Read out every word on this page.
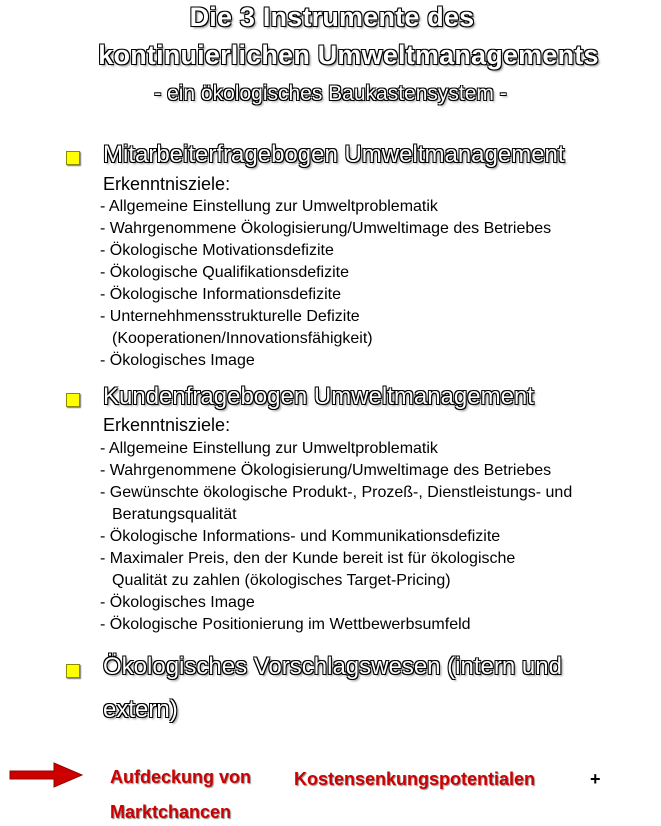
Die 3 Instrumente des
kontinuierlichen Umweltmanagements
- ein ökologisches Baukastensystem -
Mitarbeiterfragebogen Umweltmanagement
Erkenntnisziele:
- Allgemeine Einstellung zur Umweltproblematik
- Wahrgenommene Ökologisierung/Umweltimage des Betriebes
- Ökologische Motivationsdefizite
- Ökologische Qualifikationsdefizite
- Ökologische Informationsdefizite
- Unternehhmensstrukturelle Defizite
(Kooperationen/Innovationsfähigkeit)
- Ökologisches Image
Kundenfragebogen Umweltmanagement
Erkenntnisziele:
- Allgemeine Einstellung zur Umweltproblematik
- Wahrgenommene Ökologisierung/Umweltimage des Betriebes
- Gewünschte ökologische Produkt-, Prozeß-, Dienstleistungs- und
Beratungsqualität
- Ökologische Informations- und Kommunikationsdefizite
- Maximaler Preis, den der Kunde bereit ist für ökologische
Qualität zu zahlen (ökologisches Target-Pricing)
- Ökologisches Image
- Ökologische Positionierung im Wettbewerbsumfeld
Ökologisches Vorschlagswesen (intern und
extern)
Aufdeckung von Kostensenkungspotentialen	+
Marktchancen
